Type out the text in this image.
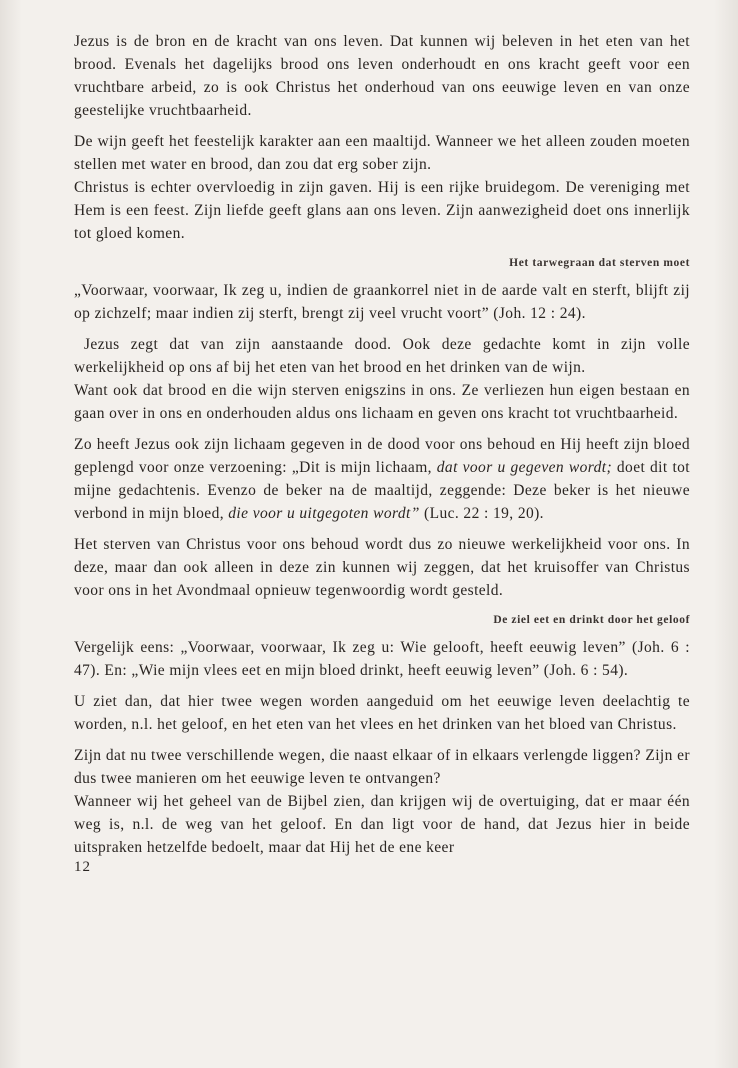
Jezus is de bron en de kracht van ons leven. Dat kunnen wij beleven in het eten van het brood. Evenals het dagelijks brood ons leven onderhoudt en ons kracht geeft voor een vruchtbare arbeid, zo is ook Christus het onderhoud van ons eeuwige leven en van onze geestelijke vruchtbaarheid.

De wijn geeft het feestelijk karakter aan een maaltijd. Wanneer we het alleen zouden moeten stellen met water en brood, dan zou dat erg sober zijn.

Christus is echter overvloedig in zijn gaven. Hij is een rijke bruidegom. De vereniging met Hem is een feest. Zijn liefde geeft glans aan ons leven. Zijn aanwezigheid doet ons innerlijk tot gloed komen.

Het tarwegraan dat sterven moet

„Voorwaar, voorwaar, Ik zeg u, indien de graankorrel niet in de aarde valt en sterft, blijft zij op zichzelf; maar indien zij sterft, brengt zij veel vrucht voort” (Joh. 12 : 24).

Jezus zegt dat van zijn aanstaande dood. Ook deze gedachte komt in zijn volle werkelijkheid op ons af bij het eten van het brood en het drinken van de wijn.

Want ook dat brood en die wijn sterven enigszins in ons. Ze verliezen hun eigen bestaan en gaan over in ons en onderhouden aldus ons lichaam en geven ons kracht tot vruchtbaarheid.

Zo heeft Jezus ook zijn lichaam gegeven in de dood voor ons behoud en Hij heeft zijn bloed geplengd voor onze verzoening: „Dit is mijn lichaam, dat voor u gegeven wordt; doet dit tot mijne gedachtenis. Evenzo de beker na de maaltijd, zeggende: Deze beker is het nieuwe verbond in mijn bloed, die voor u uitgegoten wordt” (Luc. 22 : 19, 20).

Het sterven van Christus voor ons behoud wordt dus zo nieuwe werkelijkheid voor ons. In deze, maar dan ook alleen in deze zin kunnen wij zeggen, dat het kruisoffer van Christus voor ons in het Avondmaal opnieuw tegenwoordig wordt gesteld.

De ziel eet en drinkt door het geloof

Vergelijk eens: „Voorwaar, voorwaar, Ik zeg u: Wie gelooft, heeft eeuwig leven” (Joh. 6 : 47). En: „Wie mijn vlees eet en mijn bloed drinkt, heeft eeuwig leven” (Joh. 6 : 54).

U ziet dan, dat hier twee wegen worden aangeduid om het eeuwige leven deelachtig te worden, n.l. het geloof, en het eten van het vlees en het drinken van het bloed van Christus.

Zijn dat nu twee verschillende wegen, die naast elkaar of in elkaars verlengde liggen? Zijn er dus twee manieren om het eeuwige leven te ontvangen?

Wanneer wij het geheel van de Bijbel zien, dan krijgen wij de overtuiging, dat er maar één weg is, n.l. de weg van het geloof. En dan ligt voor de hand, dat Jezus hier in beide uitspraken hetzelfde bedoelt, maar dat Hij het de ene keer

12
